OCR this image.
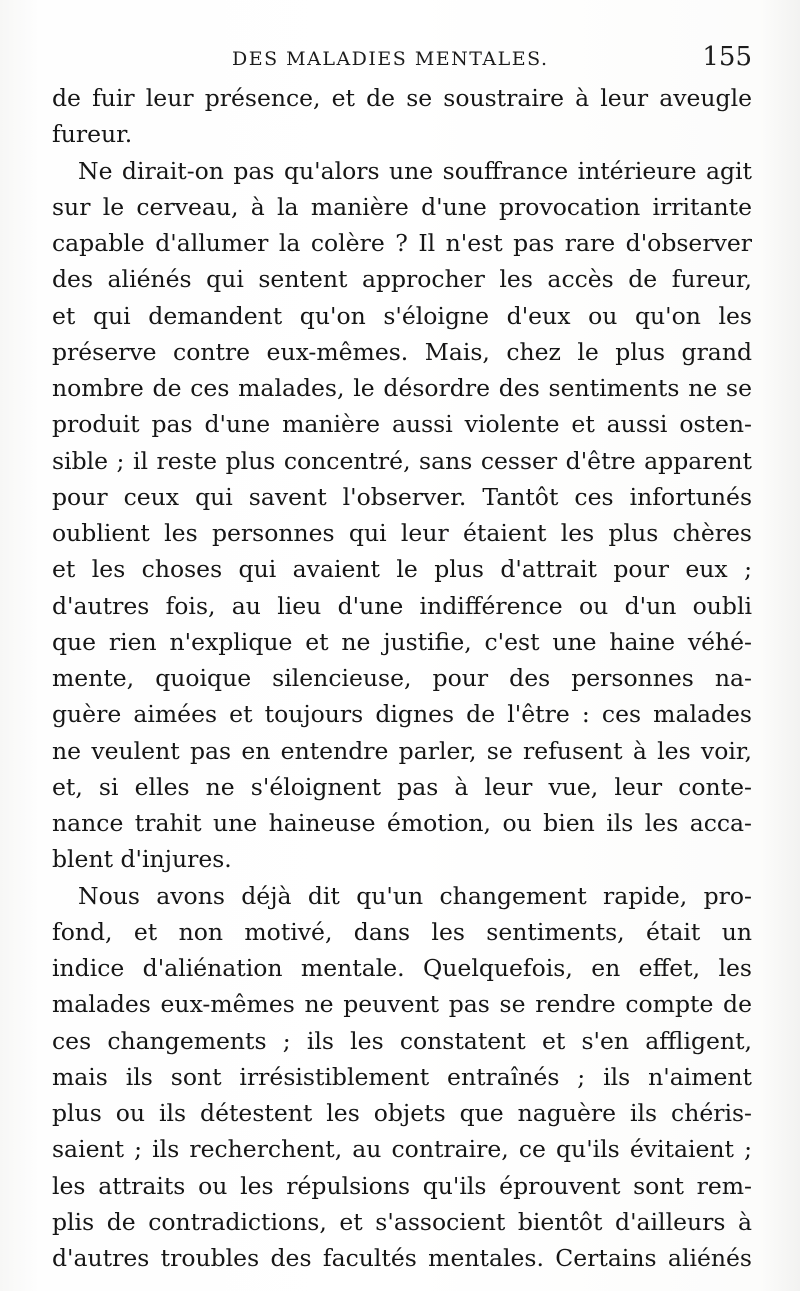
DES MALADIES MENTALES.	155
de fuir leur présence, et de se soustraire à leur aveugle
fureur.
Ne dirait-on pas qu'alors une souffrance intérieure agit
sur le cerveau, à la manière d'une provocation irritante
capable d'allumer la colère ? Il n'est pas rare d'observer
des aliénés qui sentent approcher les accès de fureur,
et qui demandent qu'on s'éloigne d'eux ou qu'on les
préserve contre eux-mêmes. Mais, chez le plus grand
nombre de ces malades, le désordre des sentiments ne se
produit pas d'une manière aussi violente et aussi osten-
sible ; il reste plus concentré, sans cesser d'être apparent
pour ceux qui savent l'observer. Tantôt ces infortunés
oublient les personnes qui leur étaient les plus chères
et les choses qui avaient le plus d'attrait pour eux ;
d'autres fois, au lieu d'une indifférence ou d'un oubli
que rien n'explique et ne justifie, c'est une haine véhé-
mente, quoique silencieuse, pour des personnes na-
guère aimées et toujours dignes de l'être : ces malades
ne veulent pas en entendre parler, se refusent à les voir,
et, si elles ne s'éloignent pas à leur vue, leur conte-
nance trahit une haineuse émotion, ou bien ils les acca-
blent d'injures.
Nous avons déjà dit qu'un changement rapide, pro-
fond, et non motivé, dans les sentiments, était un
indice d'aliénation mentale. Quelquefois, en effet, les
malades eux-mêmes ne peuvent pas se rendre compte de
ces changements ; ils les constatent et s'en affligent,
mais ils sont irrésistiblement entraînés ; ils n'aiment
plus ou ils détestent les objets que naguère ils chéris-
saient ; ils recherchent, au contraire, ce qu'ils évitaient ;
les attraits ou les répulsions qu'ils éprouvent sont rem-
plis de contradictions, et s'associent bientôt d'ailleurs à
d'autres troubles des facultés mentales. Certains aliénés
